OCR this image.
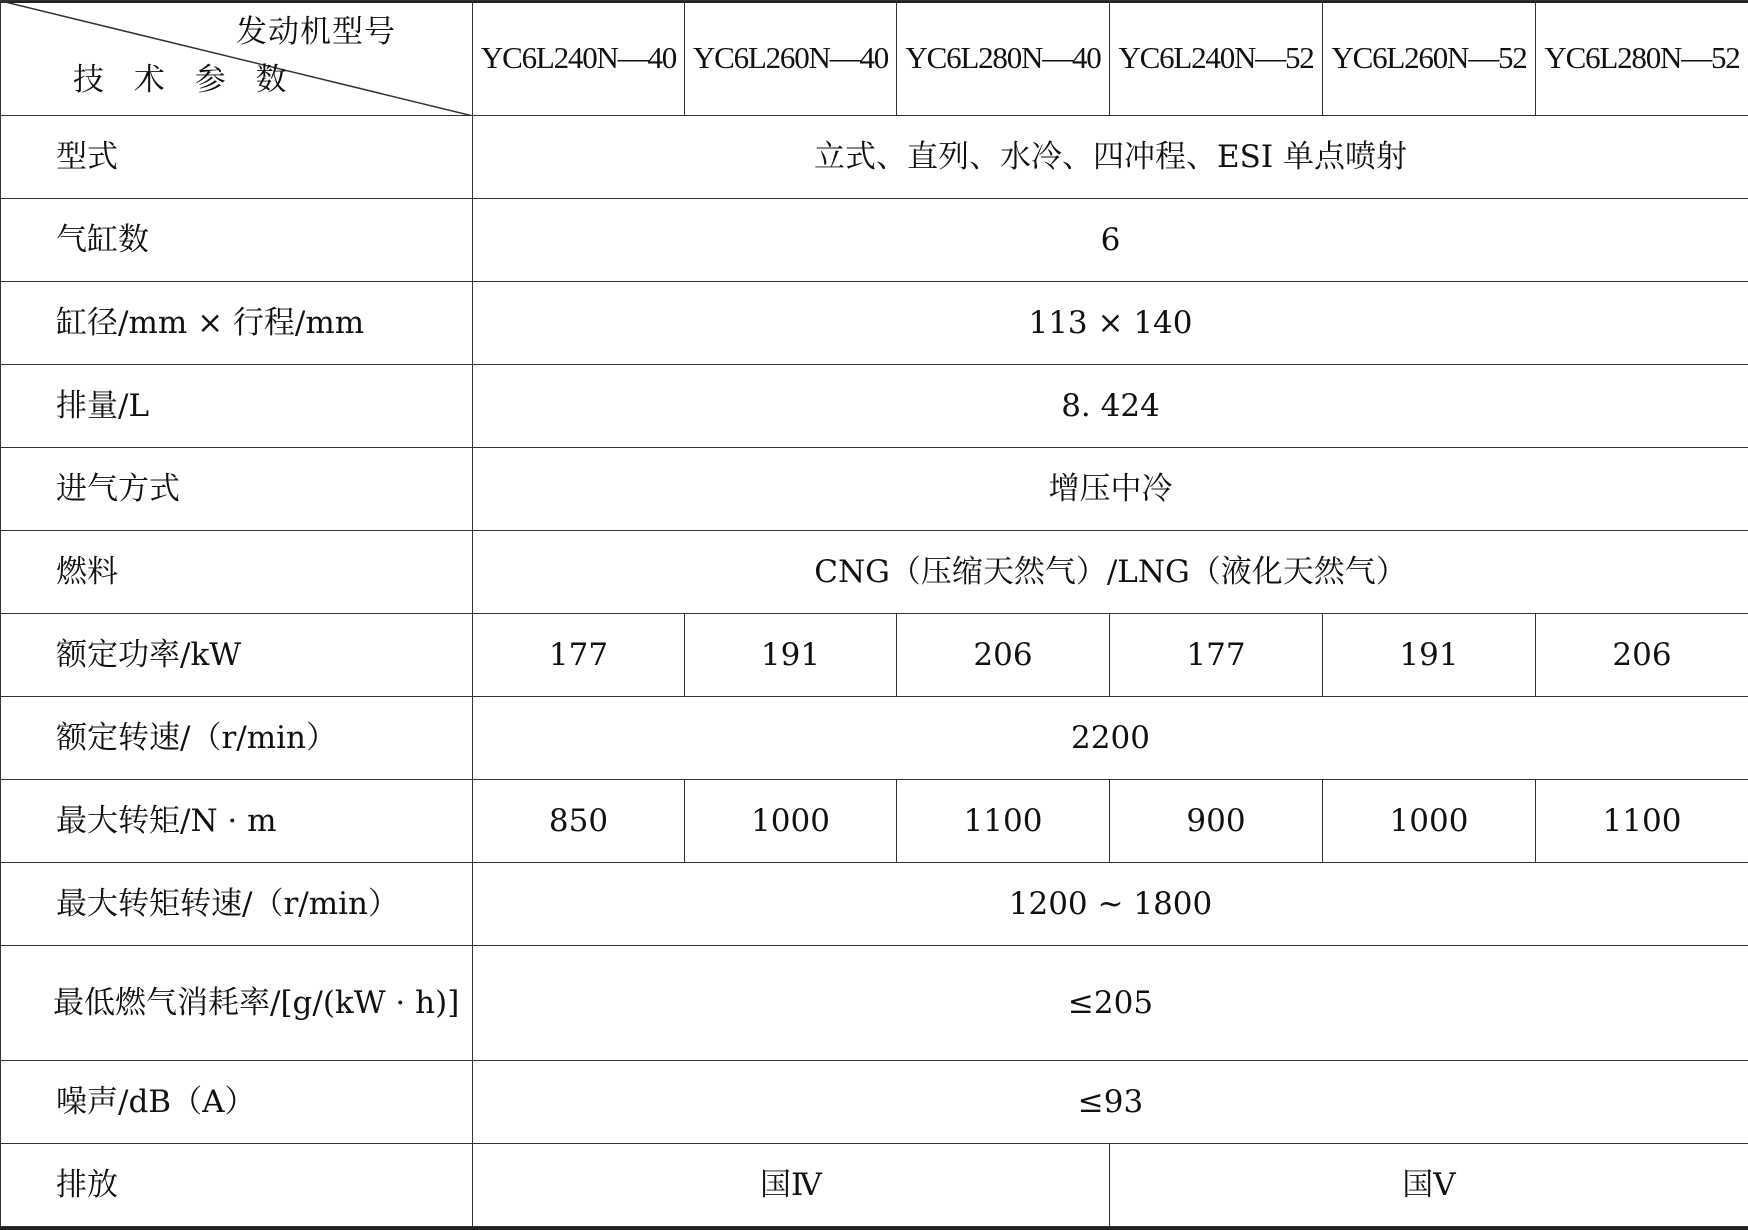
发动机型号
技 术 参 数	YC6L240N—40	YC6L260N—40	YC6L280N—40	YC6L240N—52	YC6L260N—52	YC6L280N—52
型式	立式、直列、水冷、四冲程、ESI 单点喷射					
气缸数	6					
缸径/mm × 行程/mm	113 × 140					
排量/L	8. 424					
进气方式	增压中冷					
燃料	CNG（压缩天然气）/LNG（液化天然气）					
额定功率/kW	177	191	206	177	191	206
额定转速/（r/min）	2200					
最大转矩/N · m	850	1000	1100	900	1000	1100
最大转矩转速/（r/min）	1200 ~ 1800					
最低燃气消耗率/[g/(kW · h)]	≤205					
噪声/dB（A）	≤93					
排放	国Ⅳ			国Ⅴ		
